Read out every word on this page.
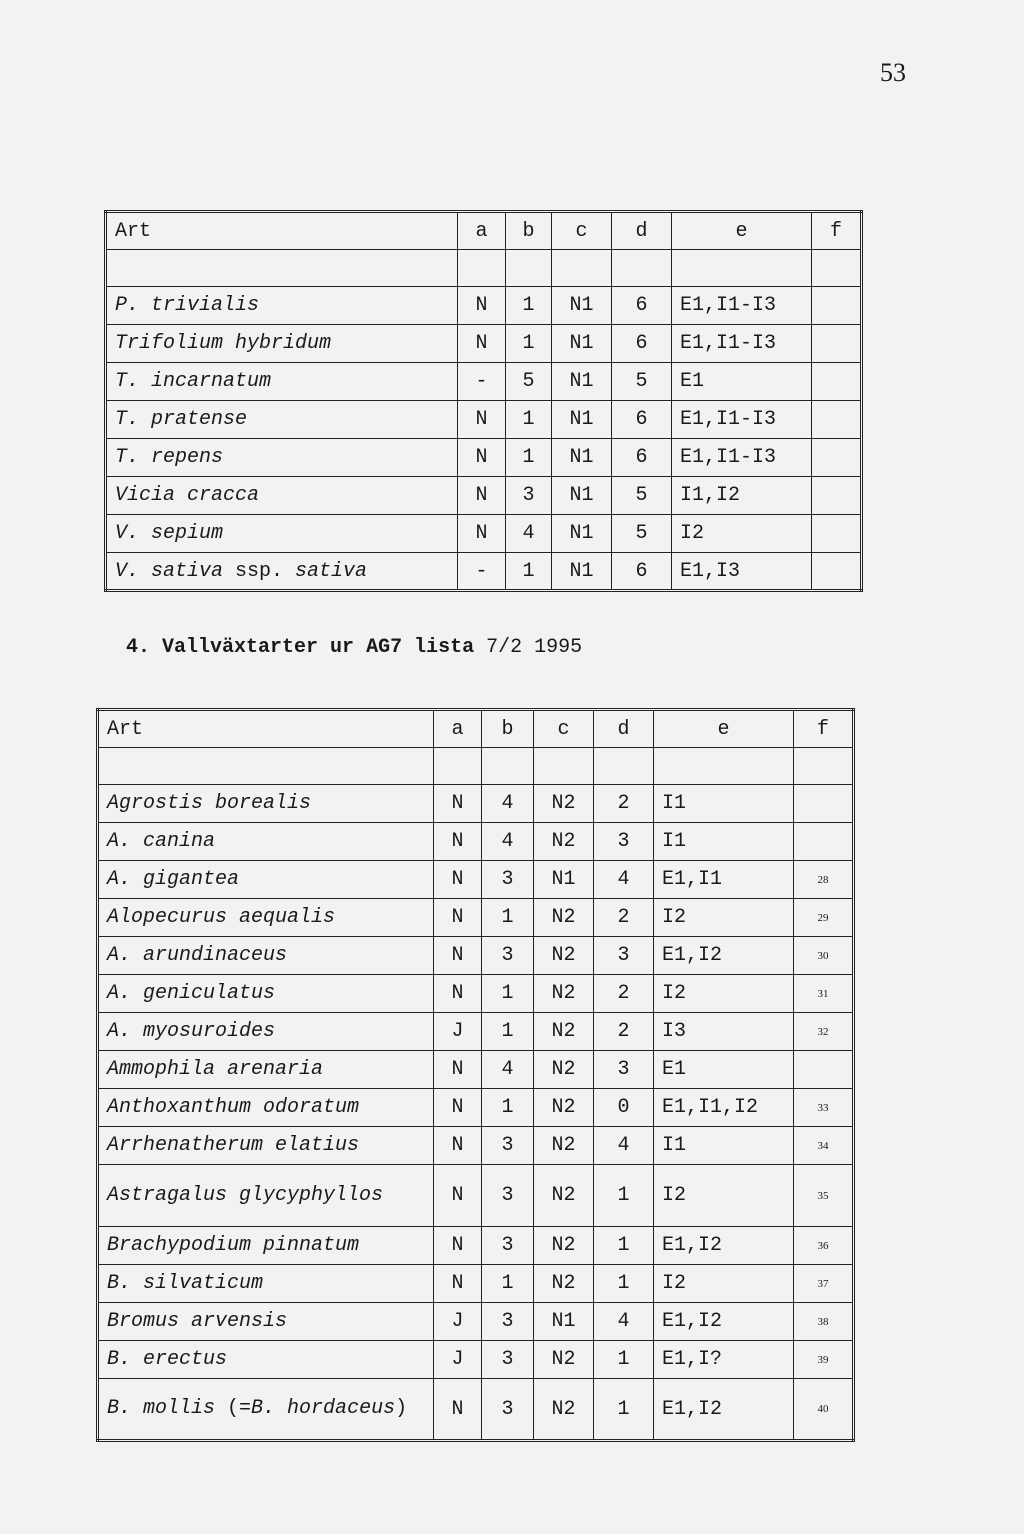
53
Art	a	b	c	d	e	f

P. trivialis	N	1	N1	6	E1,I1-I3	
Trifolium hybridum	N	1	N1	6	E1,I1-I3	
T. incarnatum	-	5	N1	5	E1	
T. pratense	N	1	N1	6	E1,I1-I3	
T. repens	N	1	N1	6	E1,I1-I3	
Vicia cracca	N	3	N1	5	I1,I2	
V. sepium	N	4	N1	5	I2	
V. sativa ssp. sativa	-	1	N1	6	E1,I3	
4. Vallväxtarter ur AG7 lista 7/2 1995
Art	a	b	c	d	e	f

Agrostis borealis	N	4	N2	2	I1	
A. canina	N	4	N2	3	I1	
A. gigantea	N	3	N1	4	E1,I1	28
Alopecurus aequalis	N	1	N2	2	I2	29
A. arundinaceus	N	3	N2	3	E1,I2	30
A. geniculatus	N	1	N2	2	I2	31
A. myosuroides	J	1	N2	2	I3	32
Ammophila arenaria	N	4	N2	3	E1	
Anthoxanthum odoratum	N	1	N2	0	E1,I1,I2	33
Arrhenatherum elatius	N	3	N2	4	I1	34
Astragalus glycyphyllos	N	3	N2	1	I2	35
Brachypodium pinnatum	N	3	N2	1	E1,I2	36
B. silvaticum	N	1	N2	1	I2	37
Bromus arvensis	J	3	N1	4	E1,I2	38
B. erectus	J	3	N2	1	E1,I?	39
B. mollis (=B. hordaceus)	N	3	N2	1	E1,I2	40
